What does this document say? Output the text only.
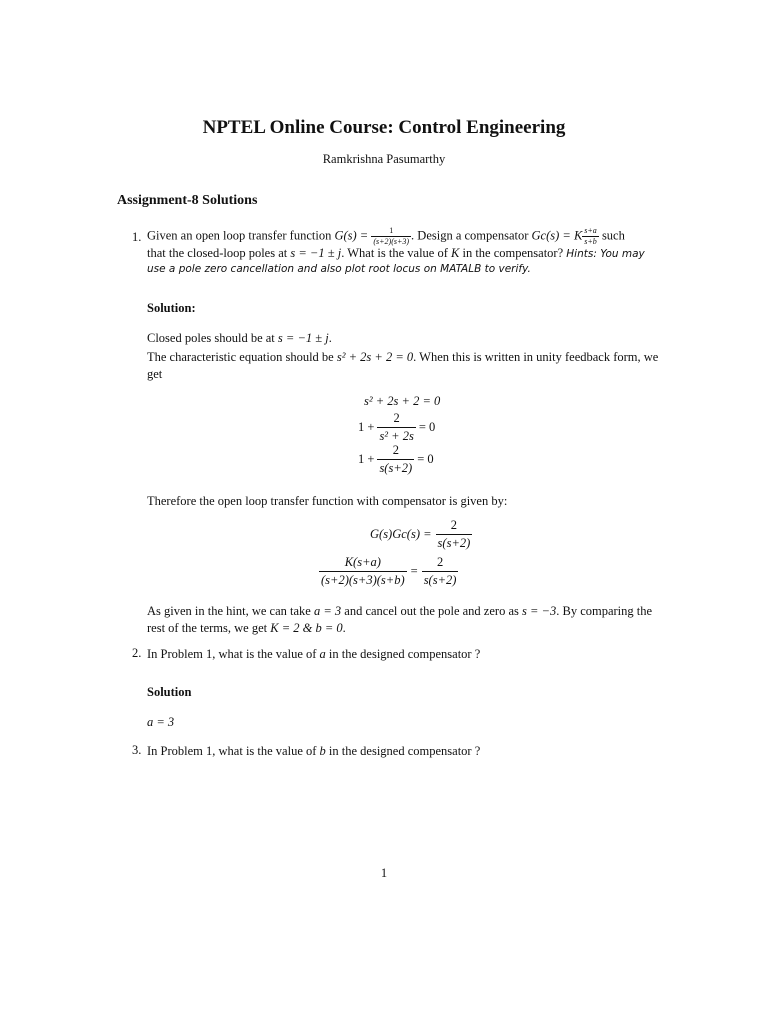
NPTEL Online Course: Control Engineering
Ramkrishna Pasumarthy
Assignment-8 Solutions
1. Given an open loop transfer function $G(s) = \frac{1}{(s+2)(s+3)}$ . Design a compensator Gc(s) = K $\frac{s+a}{s+b}$ such
that the closed-loop poles at s = −1 ± j. What is the value of K in the compensator? Hints: You may
use a pole zero cancellation and also plot root locus on MATALB to verify.
Solution:
Closed poles should be at s = −1 ± j.
The characteristic equation should be s² + 2s + 2 = 0. When this is written in unity feedback form, we
get
s² + 2s + 2 = 0
$1 + \frac{2}{\text{s² + 2s}} = 0$
$1 + \frac{2}{s(s+2)} = 0$
Therefore the open loop transfer function with compensator is given by:
$G(s)Gc(s) = \frac{2}{s(s+2)}$
$\frac{K(s+a)}{(s+2)(s+3)(s+b)} = \frac{2}{s(s+2)}$
As given in the hint, we can take a = 3 and cancel out the pole and zero as s = −3. By comparing the
rest of the terms, we get K = 2 & b = 0.
2. In Problem 1, what is the value of a in the designed compensator ?
Solution
a = 3
3. In Problem 1, what is the value of b in the designed compensator ?
1
